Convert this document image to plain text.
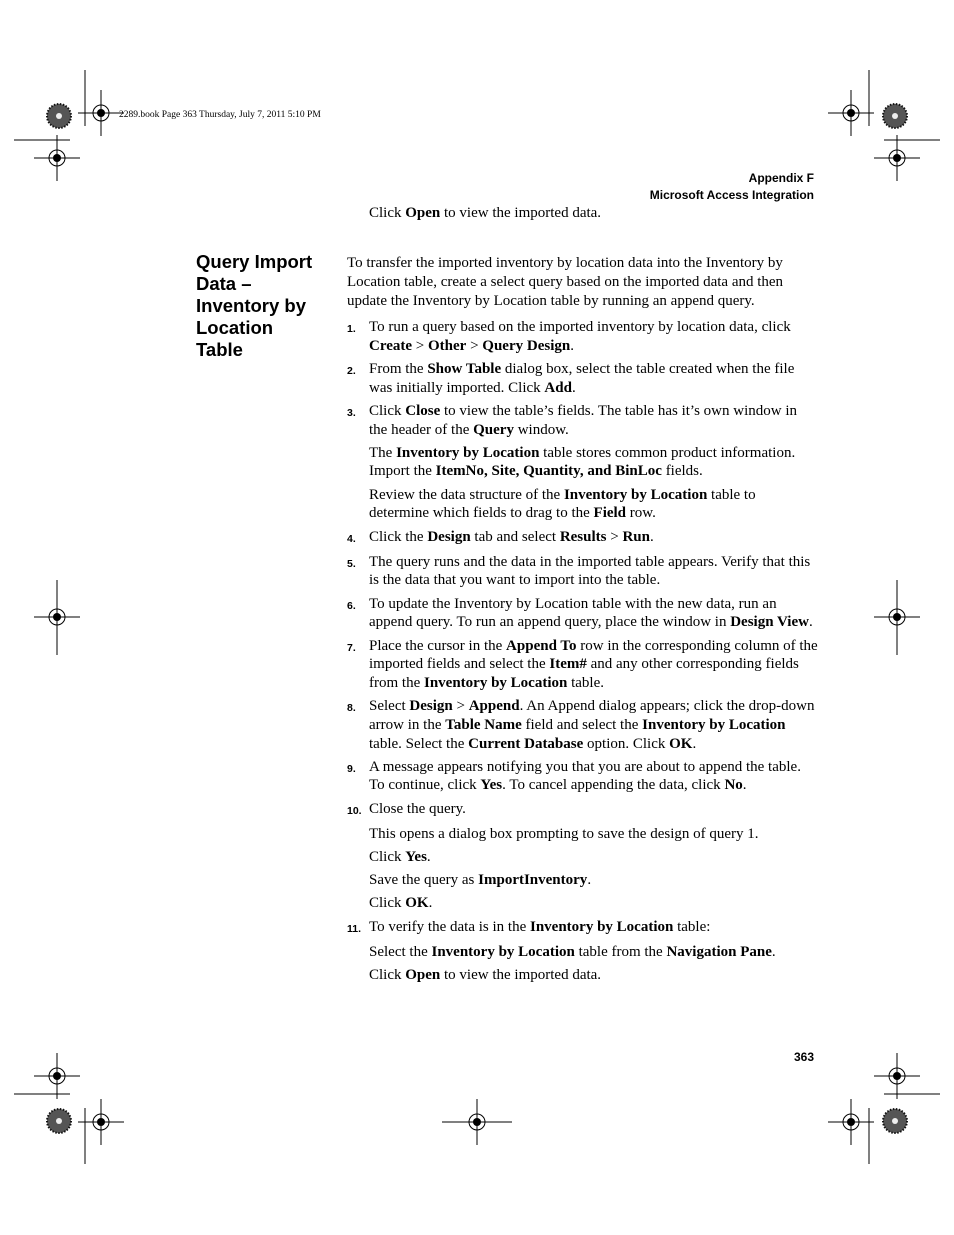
2289.book Page 363 Thursday, July 7, 2011 5:10 PM
Appendix F
Microsoft Access Integration
Click Open to view the imported data.
Query Import
Data –
Inventory by
Location
Table
To transfer the imported inventory by location data into the Inventory by Location table, create a select query based on the imported data and then update the Inventory by Location table by running an append query.
1. To run a query based on the imported inventory by location data, click Create > Other > Query Design.
2. From the Show Table dialog box, select the table created when the file was initially imported. Click Add.
3. Click Close to view the table’s fields. The table has it’s own window in the header of the Query window.
The Inventory by Location table stores common product information. Import the ItemNo, Site, Quantity, and BinLoc fields.
Review the data structure of the Inventory by Location table to determine which fields to drag to the Field row.
4. Click the Design tab and select Results > Run.
5. The query runs and the data in the imported table appears. Verify that this is the data that you want to import into the table.
6. To update the Inventory by Location table with the new data, run an append query. To run an append query, place the window in Design View.
7. Place the cursor in the Append To row in the corresponding column of the imported fields and select the Item# and any other corresponding fields from the Inventory by Location table.
8. Select Design > Append. An Append dialog appears; click the drop-down arrow in the Table Name field and select the Inventory by Location table. Select the Current Database option. Click OK.
9. A message appears notifying you that you are about to append the table. To continue, click Yes. To cancel appending the data, click No.
10. Close the query.
This opens a dialog box prompting to save the design of query 1.
Click Yes.
Save the query as ImportInventory.
Click OK.
11. To verify the data is in the Inventory by Location table:
Select the Inventory by Location table from the Navigation Pane.
Click Open to view the imported data.
363
